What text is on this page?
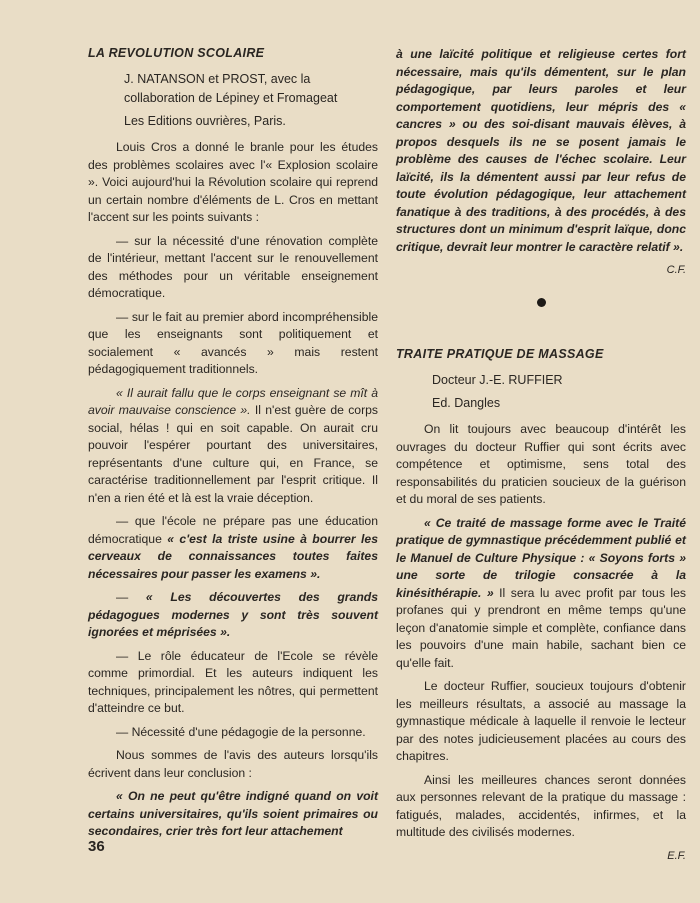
LA REVOLUTION SCOLAIRE
J. NATANSON et PROST, avec la collaboration de Lépiney et Fromageat
Les Editions ouvrières, Paris.

Louis Cros a donné le branle pour les études des problèmes scolaires avec l'« Explosion scolaire ». Voici aujourd'hui la Révolution scolaire qui reprend un certain nombre d'éléments de L. Cros en mettant l'accent sur les points suivants :

— sur la nécessité d'une rénovation complète de l'intérieur, mettant l'accent sur le renouvellement des méthodes pour un véritable enseignement démocratique.

— sur le fait au premier abord incompréhensible que les enseignants sont politiquement et socialement « avancés » mais restent pédagogiquement traditionnels.

« Il aurait fallu que le corps enseignant se mît à avoir mauvaise conscience ». Il n'est guère de corps social, hélas ! qui en soit capable. On aurait cru pouvoir l'espérer pourtant des universitaires, représentants d'une culture qui, en France, se caractérise traditionnellement par l'esprit critique. Il n'en a rien été et là est la vraie déception.

— que l'école ne prépare pas une éducation démocratique « c'est la triste usine à bourrer les cerveaux de connaissances toutes faites nécessaires pour passer les examens ».

— « Les découvertes des grands pédagogues modernes y sont très souvent ignorées et méprisées ».

— Le rôle éducateur de l'Ecole se révèle comme primordial. Et les auteurs indiquent les techniques, principalement les nôtres, qui permettent d'atteindre ce but.

— Nécessité d'une pédagogie de la personne.

Nous sommes de l'avis des auteurs lorsqu'ils écrivent dans leur conclusion :

« On ne peut qu'être indigné quand on voit certains universitaires, qu'ils soient primaires ou secondaires, crier très fort leur attachement

à une laïcité politique et religieuse certes fort nécessaire, mais qu'ils démentent, sur le plan pédagogique, par leurs paroles et leur comportement quotidiens, leur mépris des « cancres » ou des soi-disant mauvais élèves, à propos desquels ils ne se posent jamais le problème des causes de l'échec scolaire. Leur laïcité, ils la démentent aussi par leur refus de toute évolution pédagogique, leur attachement fanatique à des traditions, à des procédés, à des structures dont un minimum d'esprit laïque, donc critique, devrait leur montrer le caractère relatif ».

C.F.
TRAITE PRATIQUE DE MASSAGE
Docteur J.-E. RUFFIER
Ed. Dangles

On lit toujours avec beaucoup d'intérêt les ouvrages du docteur Ruffier qui sont écrits avec compétence et optimisme, sens total des responsabilités du praticien soucieux de la guérison et du moral de ses patients.

« Ce traité de massage forme avec le Traité pratique de gymnastique précédemment publié et le Manuel de Culture Physique : « Soyons forts » une sorte de trilogie consacrée à la kinésithérapie. » Il sera lu avec profit par tous les profanes qui y prendront en même temps qu'une leçon d'anatomie simple et complète, confiance dans les pouvoirs d'une main habile, sachant bien ce qu'elle fait.

Le docteur Ruffier, soucieux toujours d'obtenir les meilleurs résultats, a associé au massage la gymnastique médicale à laquelle il renvoie le lecteur par des notes judicieusement placées au cours des chapitres.

Ainsi les meilleures chances seront données aux personnes relevant de la pratique du massage : fatigués, malades, accidentés, infirmes, et la multitude des civilisés modernes.

E.F.
36
